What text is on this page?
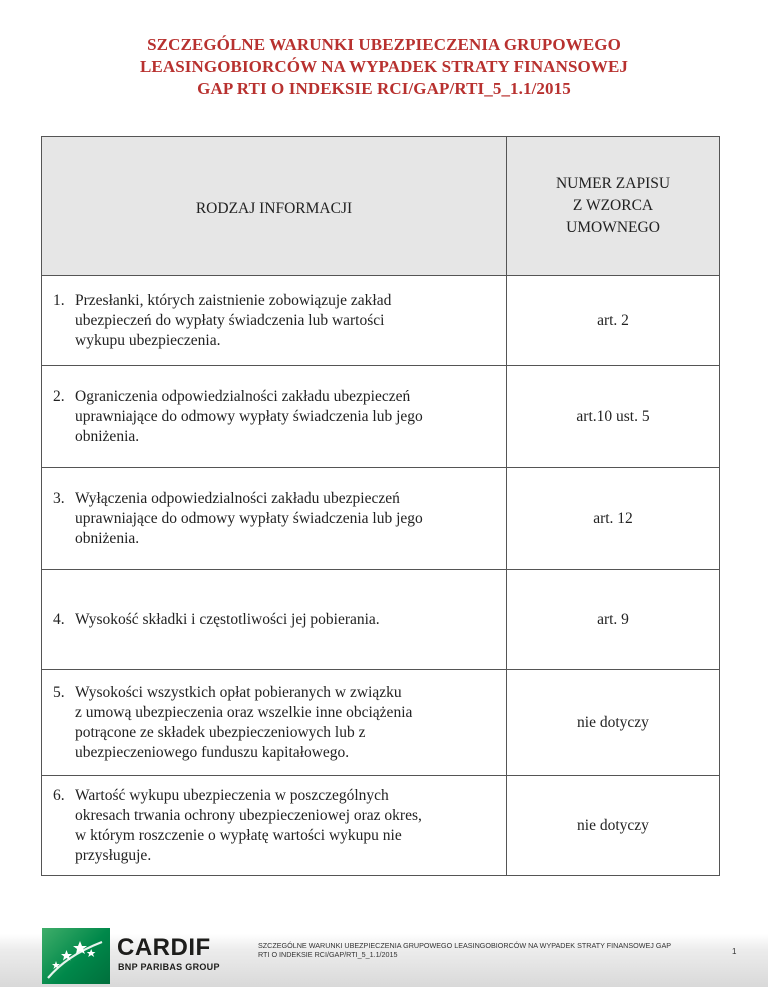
SZCZEGÓLNE WARUNKI UBEZPIECZENIA GRUPOWEGO
LEASINGOBIORCÓW NA WYPADEK STRATY FINANSOWEJ
GAP RTI O INDEKSIE RCI/GAP/RTI_5_1.1/2015
RODZAJ INFORMACJI	NUMER ZAPISU
Z WZORCA
UMOWNEGO

1. Przesłanki, których zaistnienie zobowiązuje zakład
ubezpieczeń do wypłaty świadczenia lub wartości
wykupu ubezpieczenia.	art. 2

2. Ograniczenia odpowiedzialności zakładu ubezpieczeń
uprawniające do odmowy wypłaty świadczenia lub jego
obniżenia.	art.10 ust. 5

3. Wyłączenia odpowiedzialności zakładu ubezpieczeń
uprawniające do odmowy wypłaty świadczenia lub jego
obniżenia.	art. 12

4. Wysokość składki i częstotliwości jej pobierania.	art. 9

5. Wysokości wszystkich opłat pobieranych w związku
z umową ubezpieczenia oraz wszelkie inne obciążenia
potrącone ze składek ubezpieczeniowych lub z
ubezpieczeniowego funduszu kapitałowego.	nie dotyczy

6. Wartość wykupu ubezpieczenia w poszczególnych
okresach trwania ochrony ubezpieczeniowej oraz okres,
w którym roszczenie o wypłatę wartości wykupu nie
przysługuje.	nie dotyczy
CARDIF
BNP PARIBAS GROUP
SZCZEGÓLNE WARUNKI UBEZPIECZENIA GRUPOWEGO LEASINGOBIORCÓW NA WYPADEK STRATY FINANSOWEJ GAP
RTI O INDEKSIE RCI/GAP/RTI_5_1.1/2015	1
